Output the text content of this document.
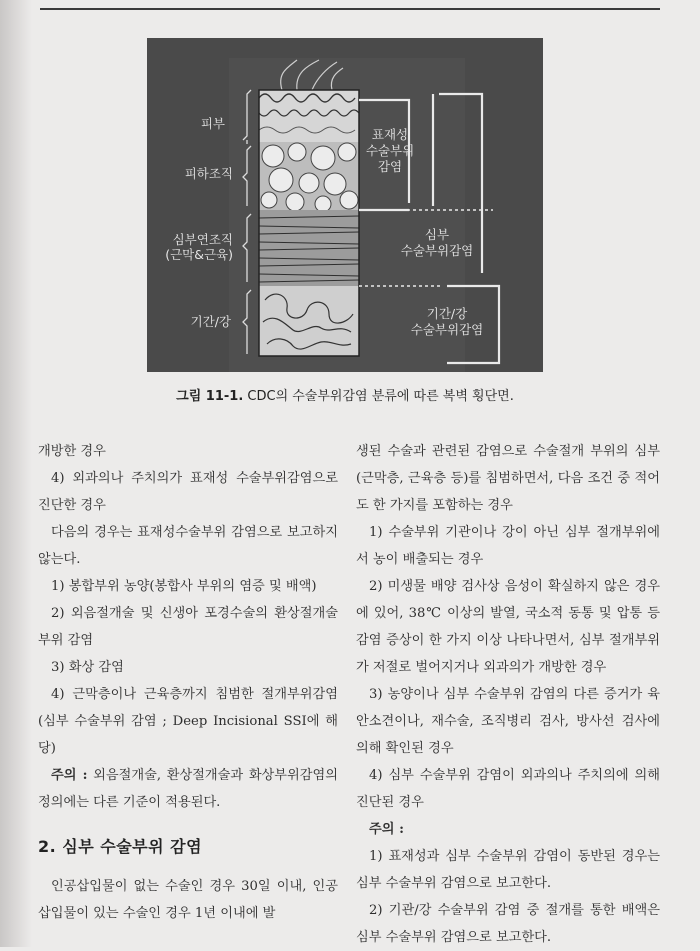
피부
피하조직
심부연조직
(근막&근육)
기간/강
표재성
수술부위
감염
심부
수술부위감염
기간/강
수술부위감염
그림 11-1. CDC의 수술부위감염 분류에 따른 복벽 횡단면.

개방한 경우

4) 외과의나 주치의가 표재성 수술부위감염으로 진단한 경우

다음의 경우는 표재성수술부위 감염으로 보고하지 않는다.

1) 봉합부위 농양(봉합사 부위의 염증 및 배액)

2) 외음절개술 및 신생아 포경수술의 환상절개술 부위 감염

3) 화상 감염

4) 근막층이나 근육층까지 침범한 절개부위감염(심부 수술부위 감염 ; Deep Incisional SSI에 해당)

주의 : 외음절개술, 환상절개술과 화상부위감염의 정의에는 다른 기준이 적용된다.

2. 심부 수술부위 감염

인공삽입물이 없는 수술인 경우 30일 이내, 인공삽입물이 있는 수술인 경우 1년 이내에 발

생된 수술과 관련된 감염으로 수술절개 부위의 심부(근막층, 근육층 등)를 침범하면서, 다음 조건 중 적어도 한 가지를 포함하는 경우

1) 수술부위 기관이나 강이 아닌 심부 절개부위에서 농이 배출되는 경우

2) 미생물 배양 검사상 음성이 확실하지 않은 경우에 있어, 38℃ 이상의 발열, 국소적 동통 및 압통 등 감염 증상이 한 가지 이상 나타나면서, 심부 절개부위가 저절로 벌어지거나 외과의가 개방한 경우

3) 농양이나 심부 수술부위 감염의 다른 증거가 육안소견이나, 재수술, 조직병리 검사, 방사선 검사에 의해 확인된 경우

4) 심부 수술부위 감염이 외과의나 주치의에 의해 진단된 경우

주의 :

1) 표재성과 심부 수술부위 감염이 동반된 경우는 심부 수술부위 감염으로 보고한다.

2) 기관/강 수술부위 감염 중 절개를 통한 배액은 심부 수술부위 감염으로 보고한다.
